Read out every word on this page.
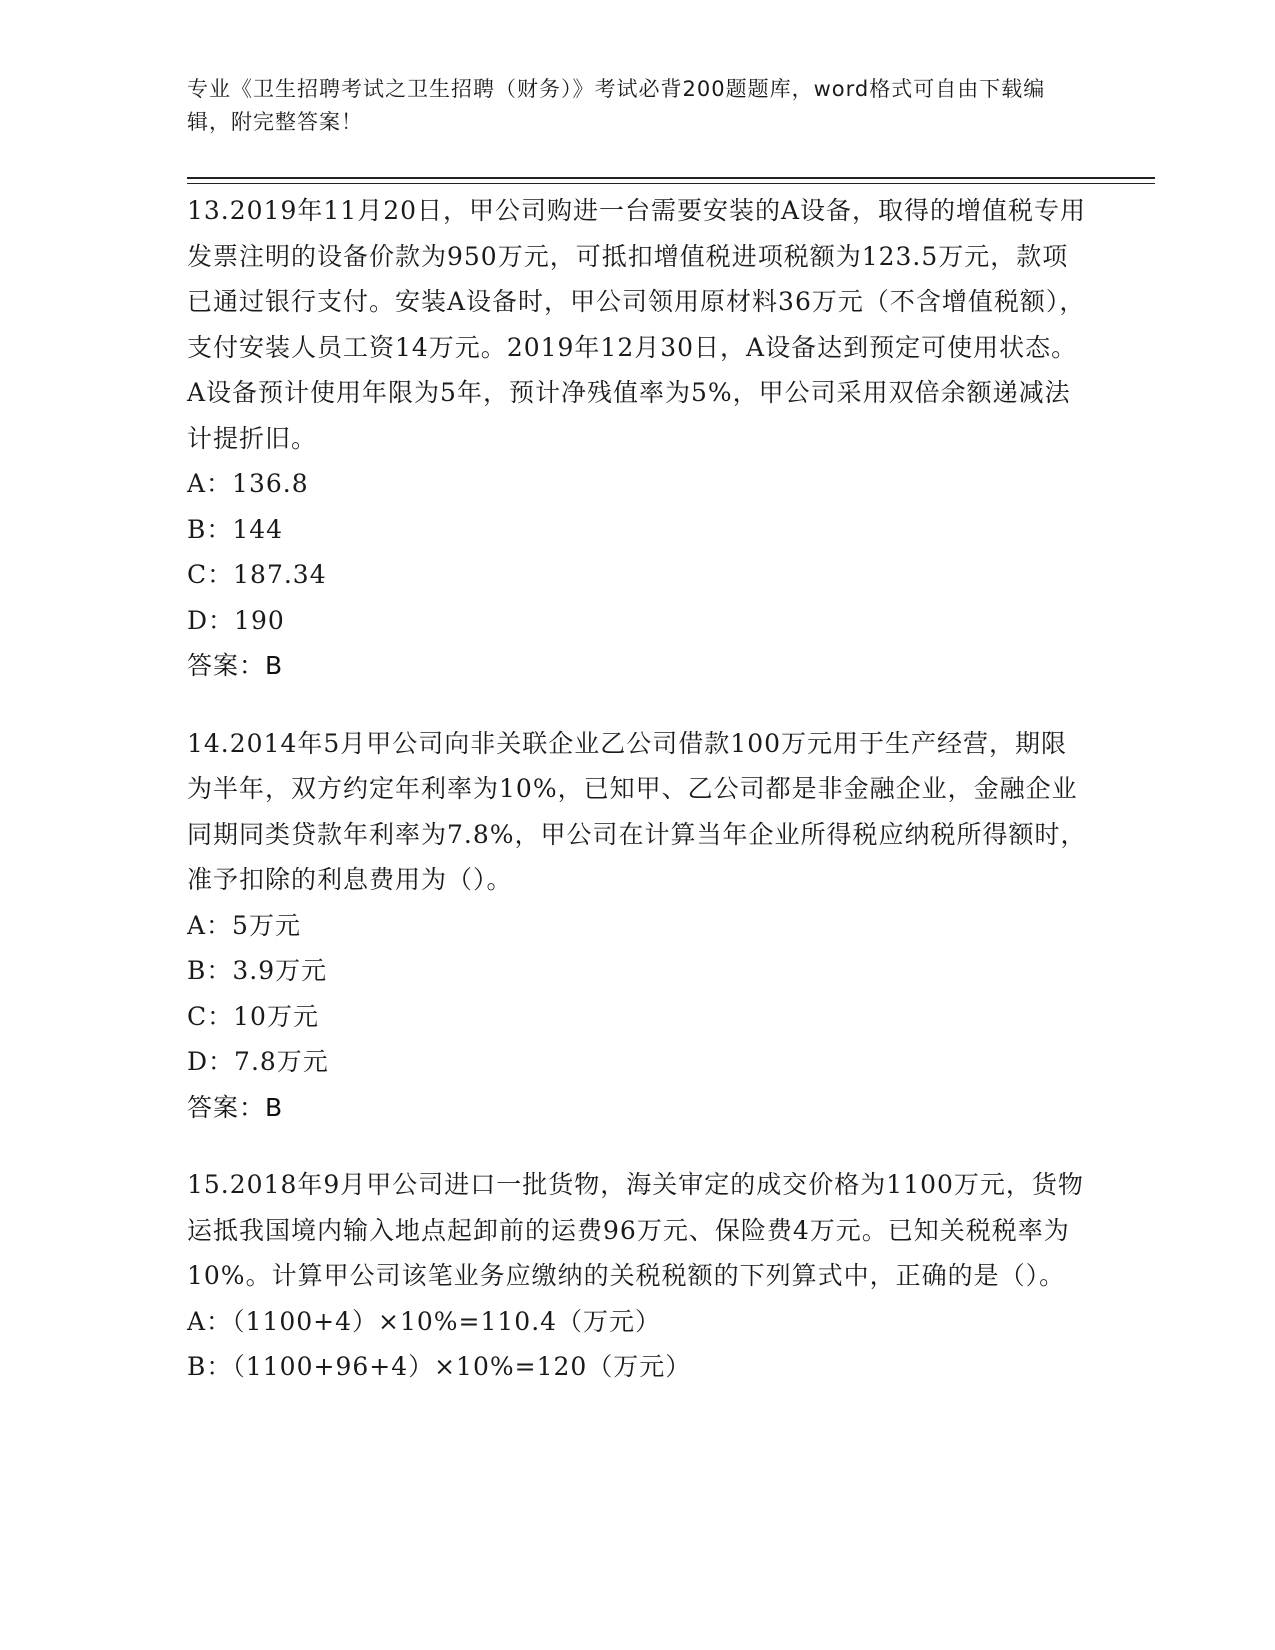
专业《卫生招聘考试之卫生招聘（财务）》考试必背200题题库，word格式可自由下载编辑，附完整答案！

13.2019年11月20日，甲公司购进一台需要安装的A设备，取得的增值税专用发票注明的设备价款为950万元，可抵扣增值税进项税额为123.5万元，款项已通过银行支付。安装A设备时，甲公司领用原材料36万元（不含增值税额），支付安装人员工资14万元。2019年12月30日，A设备达到预定可使用状态。A设备预计使用年限为5年，预计净残值率为5%，甲公司采用双倍余额递减法计提折旧。

A：136.8

B：144

C：187.34

D：190

答案：B

14.2014年5月甲公司向非关联企业乙公司借款100万元用于生产经营，期限为半年，双方约定年利率为10%，已知甲、乙公司都是非金融企业，金融企业同期同类贷款年利率为7.8%，甲公司在计算当年企业所得税应纳税所得额时，准予扣除的利息费用为（）。

A：5万元

B：3.9万元

C：10万元

D：7.8万元

答案：B

15.2018年9月甲公司进口一批货物，海关审定的成交价格为1100万元，货物运抵我国境内输入地点起卸前的运费96万元、保险费4万元。已知关税税率为10%。计算甲公司该笔业务应缴纳的关税税额的下列算式中，正确的是（）。

A：（1100+4）×10%=110.4（万元）

B：（1100+96+4）×10%=120（万元）
